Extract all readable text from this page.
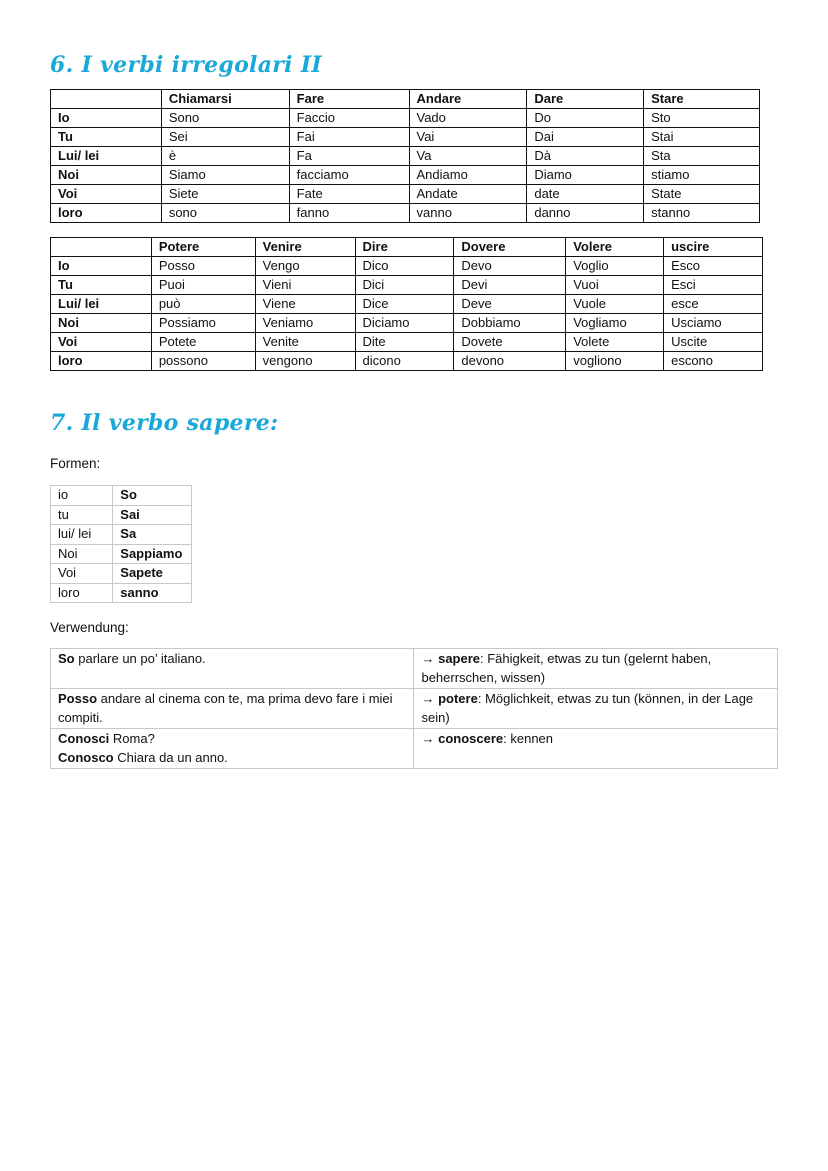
6. I verbi irregolari II
	Chiamarsi	Fare	Andare	Dare	Stare
Io	Sono	Faccio	Vado	Do	Sto
Tu	Sei	Fai	Vai	Dai	Stai
Lui/ lei	è	Fa	Va	Dà	Sta
Noi	Siamo	facciamo	Andiamo	Diamo	stiamo
Voi	Siete	Fate	Andate	date	State
loro	sono	fanno	vanno	danno	stanno
	Potere	Venire	Dire	Dovere	Volere	uscire
Io	Posso	Vengo	Dico	Devo	Voglio	Esco
Tu	Puoi	Vieni	Dici	Devi	Vuoi	Esci
Lui/ lei	può	Viene	Dice	Deve	Vuole	esce
Noi	Possiamo	Veniamo	Diciamo	Dobbiamo	Vogliamo	Usciamo
Voi	Potete	Venite	Dite	Dovete	Volete	Uscite
loro	possono	vengono	dicono	devono	vogliono	escono
7. Il verbo sapere:
Formen:
io	So
tu	Sai
lui/ lei	Sa
Noi	Sappiamo
Voi	Sapete
loro	sanno
Verwendung:
So parlare un po’ italiano.	→ sapere: Fähigkeit, etwas zu tun (gelernt haben, beherrschen, wissen)
Posso andare al cinema con te, ma prima devo fare i miei compiti.	→ potere: Möglichkeit, etwas zu tun (können, in der Lage sein)
Conosci Roma?
Conosco Chiara da un anno.	→ conoscere: kennen
